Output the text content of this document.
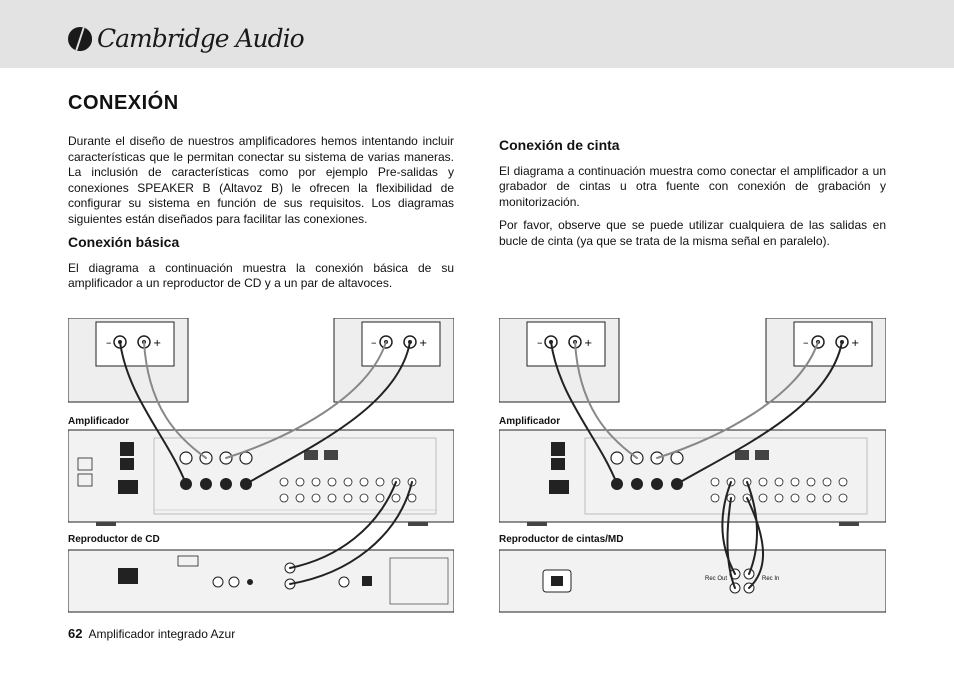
Cambridge Audio
CONEXIÓN

Durante el diseño de nuestros amplificadores hemos intentando incluir características que le permitan conectar su sistema de varias maneras. La inclusión de características como por ejemplo Pre-salidas y conexiones SPEAKER B (Altavoz B) le ofrecen la flexibilidad de configurar su sistema en función de sus requisitos. Los diagramas siguientes están diseñados para facilitar las conexiones.

Conexión básica

El diagrama a continuación muestra la conexión básica de su amplificador a un reproductor de CD y a un par de altavoces.

Conexión de cinta

El diagrama a continuación muestra como conectar el amplificador a un grabador de cintas u otra fuente con conexión de grabación y monitorización.

Por favor, observe que se puede utilizar cualquiera de las salidas en bucle de cinta (ya que se trata de la misma señal en paralelo).

–	+	–	+
Amplificador
Reproductor de CD
–	+	–	+
Amplificador
Reproductor de cintas/MD
Rec Out	Rec In
62 Amplificador integrado Azur
